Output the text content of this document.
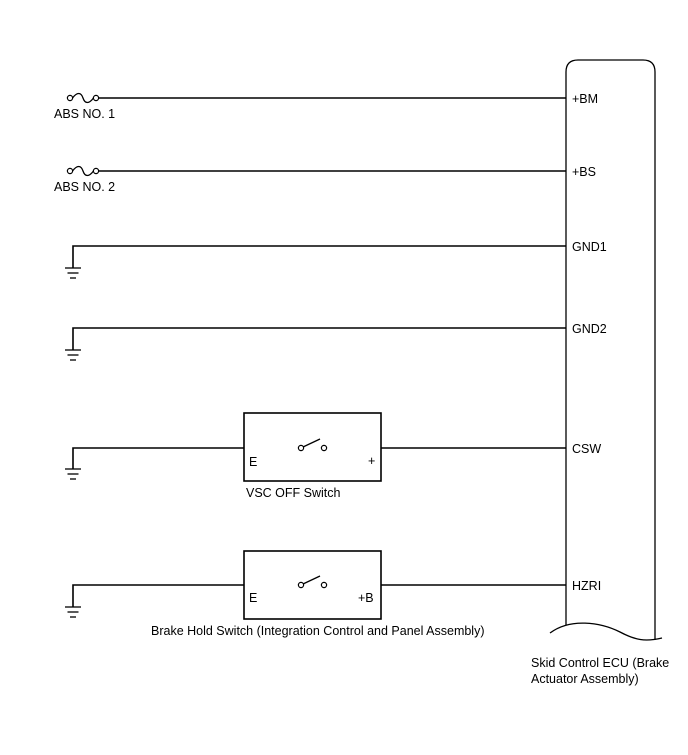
Skid Control ECU (Brake
Actuator Assembly)
ABS NO. 1
+BM
ABS NO. 2
+BS
GND1
GND2
E	+
VSC OFF Switch
CSW
E	+B
Brake Hold Switch (Integration Control and Panel Assembly)
HZRI
